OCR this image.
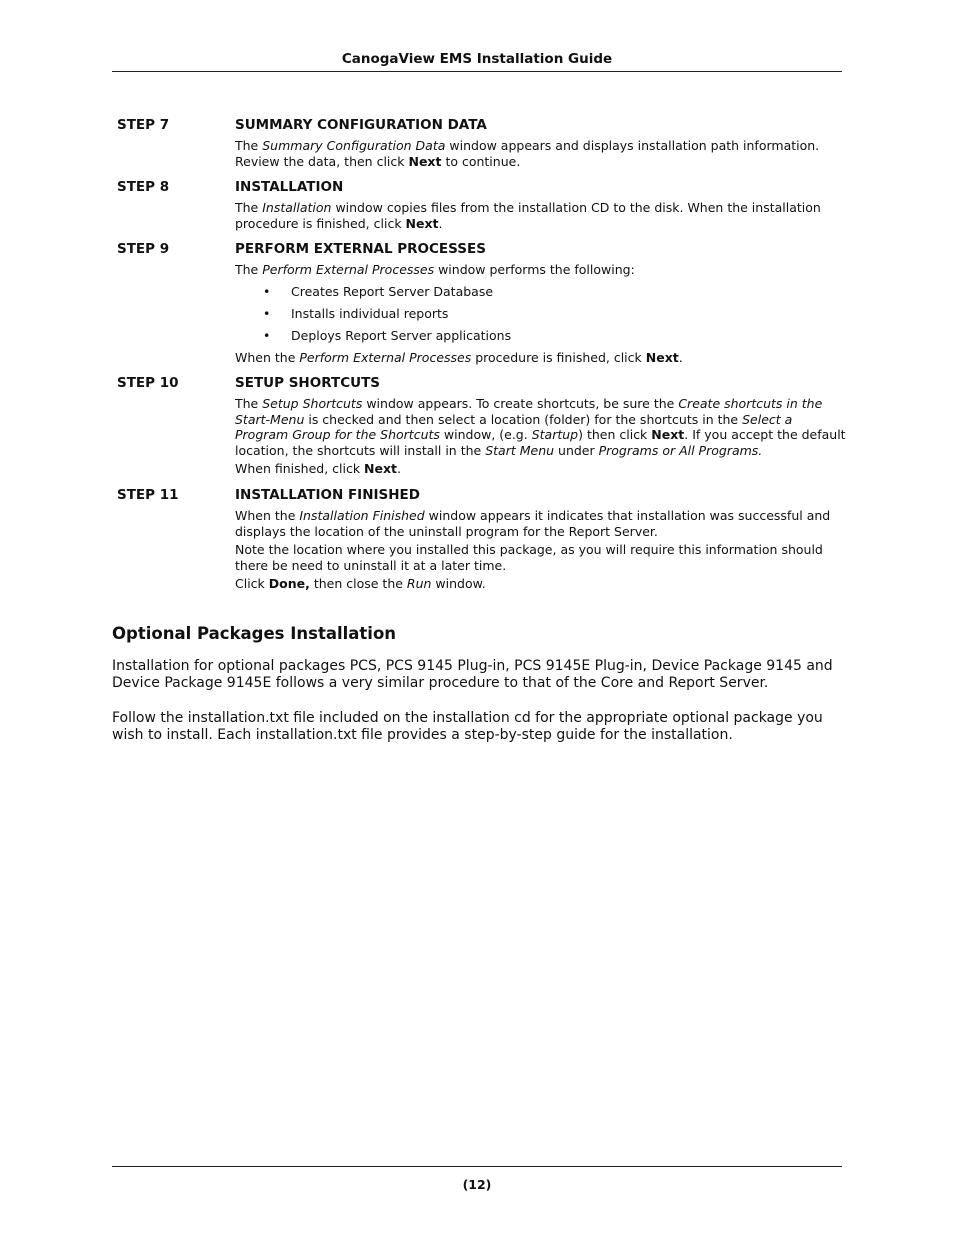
CanogaView EMS Installation Guide
STEP 7	SUMMARY CONFIGURATION DATA
The Summary Configuration Data window appears and displays installation path information. Review the data, then click Next to continue.
STEP 8	INSTALLATION
The Installation window copies files from the installation CD to the disk. When the installation procedure is finished, click Next.
STEP 9	PERFORM EXTERNAL PROCESSES
The Perform External Processes window performs the following:
• Creates Report Server Database
• Installs individual reports
• Deploys Report Server applications
When the Perform External Processes procedure is finished, click Next.
STEP 10	SETUP SHORTCUTS
The Setup Shortcuts window appears. To create shortcuts, be sure the Create shortcuts in the Start-Menu is checked and then select a location (folder) for the shortcuts in the Select a Program Group for the Shortcuts window, (e.g. Startup) then click Next. If you accept the default location, the shortcuts will install in the Start Menu under Programs or All Programs.
When finished, click Next.
STEP 11	INSTALLATION FINISHED
When the Installation Finished window appears it indicates that installation was successful and displays the location of the uninstall program for the Report Server.
Note the location where you installed this package, as you will require this information should there be need to uninstall it at a later time.
Click Done, then close the Run window.
Optional Packages Installation
Installation for optional packages PCS, PCS 9145 Plug-in, PCS 9145E Plug-in, Device Package 9145 and Device Package 9145E follows a very similar procedure to that of the Core and Report Server.
Follow the installation.txt file included on the installation cd for the appropriate optional package you wish to install. Each installation.txt file provides a step-by-step guide for the installation.
(12)
